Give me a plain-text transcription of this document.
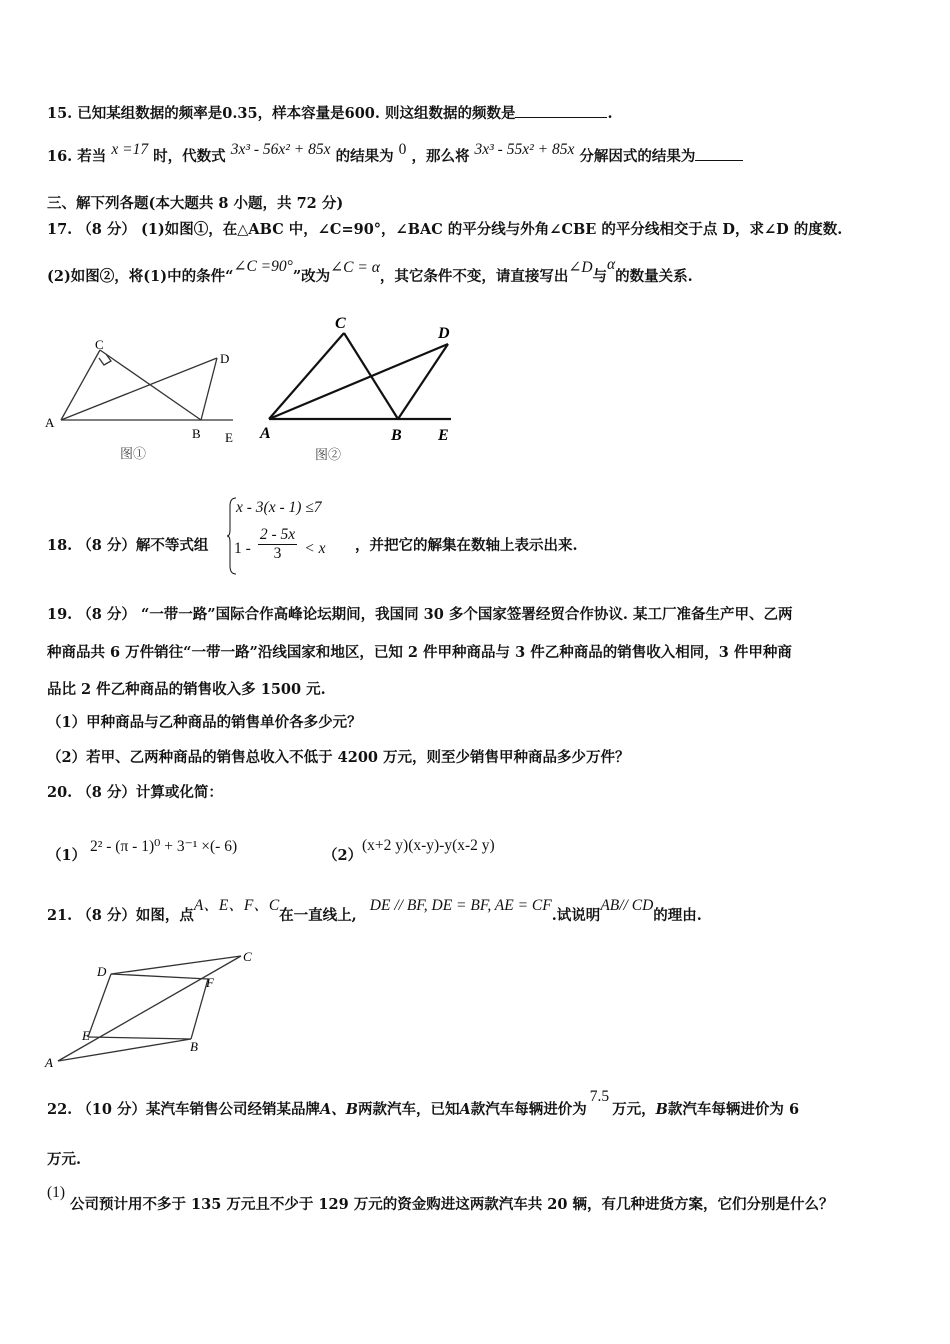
15. 已知某组数据的频率是0.35，样本容量是600. 则这组数据的频数是	.
16. 若当 x =17 时，代数式 3x³ - 56x² + 85x 的结果为 0 ，那么将 3x³ - 55x² + 85x 分解因式的结果为
三、解下列各题(本大题共 8 小题，共 72 分)
17. （8 分） (1)如图①，在△ABC 中，∠C=90°，∠BAC 的平分线与外角∠CBE 的平分线相交于点 D，求∠D 的度数.
(2)如图②，将(1)中的条件“∠C =90°”改为∠C = α，其它条件不变，请直接写出∠D与α的数量关系.
C
D
A
B E
图①
C
D
A	B E
图②
18. （8 分）解不等式组
x - 3(x - 1) ≤7
$1 - \frac{2 - 5x}{3} < x$ ，并把它的解集在数轴上表示出来.
19. （8 分） “一带一路”国际合作高峰论坛期间，我国同 30 多个国家签署经贸合作协议. 某工厂准备生产甲、乙两
种商品共 6 万件销往“一带一路”沿线国家和地区，已知 2 件甲种商品与 3 件乙种商品的销售收入相同，3 件甲种商
品比 2 件乙种商品的销售收入多 1500 元.
（1）甲种商品与乙种商品的销售单价各多少元？
（2）若甲、乙两种商品的销售总收入不低于 4200 万元，则至少销售甲种商品多少万件？
20. （8 分）计算或化简：
（1）
2² - (π - 1)⁰ + 3⁻¹ ×(- 6)
（2）
(x+2 y)(x-y)-y(x-2 y)
21. （8 分）如图，点A、E、F、C在一直线上, DE // BF, DE = BF, AE = CF.试说明AB// CD的理由.
D
C
F
E
B
A
22. （10 分）某汽车销售公司经销某品牌A、B两款汽车，已知A款汽车每辆进价为7.5万元，B款汽车每辆进价为 6
万元.
(1)
公司预计用不多于 135 万元且不少于 129 万元的资金购进这两款汽车共 20 辆，有几种进货方案，它们分别是什么？
